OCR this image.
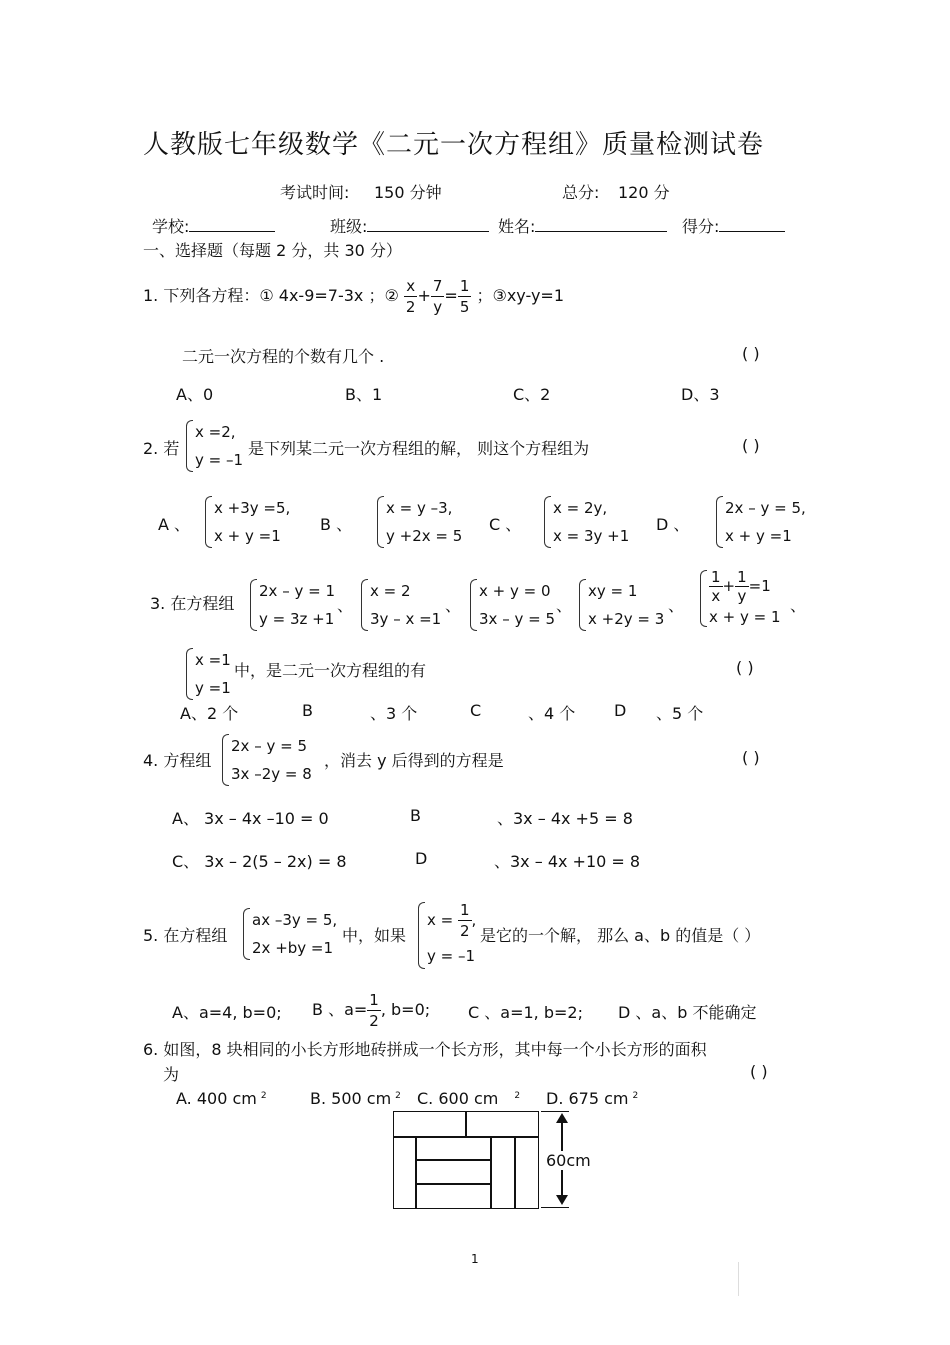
人教版七年级数学《二元一次方程组》质量检测试卷
考试时间: 150 分钟	总分: 120 分
学校:	班级:	姓名:	得分:
一、选择题（每题 2 分，共 30 分）
1. 下列各方程：① 4x-9=7-3x ；② $\frac{x}{2} + \frac{7}{y} = \frac{1}{5}$ ；③xy-y=1
二元一次方程的个数有几个 .	( )
A、0	B、1	C、2	D、3
2. 若
x =2,
y = –1
是下列某二元一次方程组的解， 则这个方程组为	( )
A 、
x +3y =5,
x + y =1
B 、
x = y –3,
y +2x = 5
C 、
x = 2y,
x = 3y +1
D 、
2x – y = 5,
x + y =1
3. 在方程组
2x – y = 1
y = 3z +1
、
x = 2
3y – x =1
、
x + y = 0
3x – y = 5
、
xy = 1
x +2y = 3
、
$\frac{1}{x} + \frac{1}{y} =1$
x + y = 1
、
x =1
y =1
中，是二元一次方程组的有	( )
A、2 个	B	、3 个	C	、4 个 D 、5 个
4. 方程组
2x – y = 5
3x –2y = 8
，消去 y 后得到的方程是	( )
A、 3x – 4x –10 = 0	B	、3x – 4x +5 = 8
C、 3x – 2(5 – 2x) = 8	D	、3x – 4x +10 = 8
5. 在方程组
ax –3y = 5,
2x +by =1
中，如果
$x = \frac{1}{2}$ ,
y = –1
是它的一个解， 那么 a、b 的值是（ ）
A、a=4, b=0; B 、$a= \frac{1}{2}$ , b=0; C 、a=1, b=2; D 、a、b 不能确定
6. 如图，8 块相同的小长方形地砖拼成一个长方形，其中每一个小长方形的面积
为	( )
A. 400 cm $^2$	B. 500 cm $^2$ C. 600 cm $^2$ D. 675 cm $^2$
60cm
1
